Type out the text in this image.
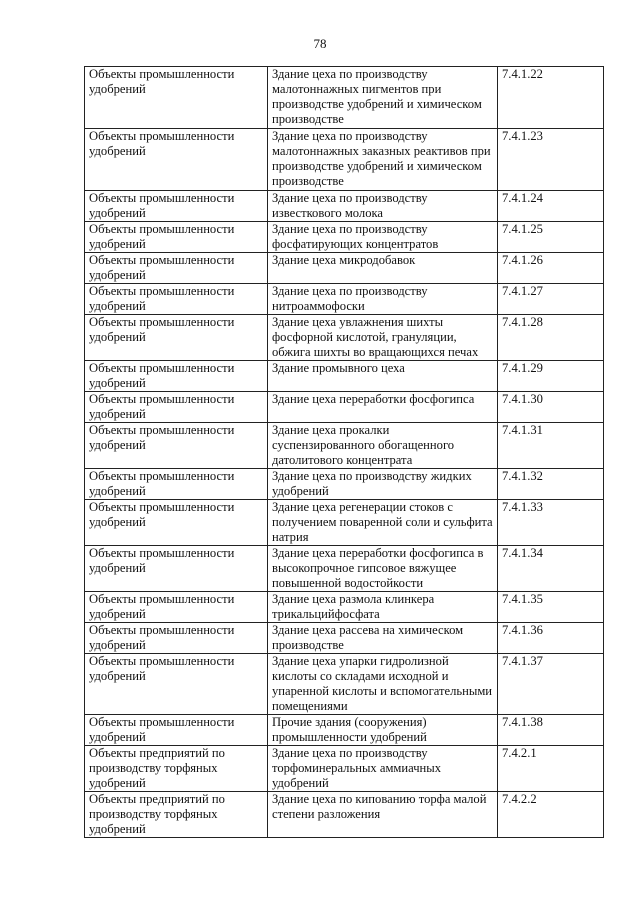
78
Объекты промышленности удобрений	Здание цеха по производству малотоннажных пигментов при производстве удобрений и химическом производстве	7.4.1.22
Объекты промышленности удобрений	Здание цеха по производству малотоннажных заказных реактивов при производстве удобрений и химическом производстве	7.4.1.23
Объекты промышленности удобрений	Здание цеха по производству известкового молока	7.4.1.24
Объекты промышленности удобрений	Здание цеха по производству фосфатирующих концентратов	7.4.1.25
Объекты промышленности удобрений	Здание цеха микродобавок	7.4.1.26
Объекты промышленности удобрений	Здание цеха по производству нитроаммофоски	7.4.1.27
Объекты промышленности удобрений	Здание цеха увлажнения шихты фосфорной кислотой, грануляции, обжига шихты во вращающихся печах	7.4.1.28
Объекты промышленности удобрений	Здание промывного цеха	7.4.1.29
Объекты промышленности удобрений	Здание цеха переработки фосфогипса	7.4.1.30
Объекты промышленности удобрений	Здание цеха прокалки суспензированного обогащенного датолитового концентрата	7.4.1.31
Объекты промышленности удобрений	Здание цеха по производству жидких удобрений	7.4.1.32
Объекты промышленности удобрений	Здание цеха регенерации стоков с получением поваренной соли и сульфита натрия	7.4.1.33
Объекты промышленности удобрений	Здание цеха переработки фосфогипса в высокопрочное гипсовое вяжущее повышенной водостойкости	7.4.1.34
Объекты промышленности удобрений	Здание цеха размола клинкера трикальцийфосфата	7.4.1.35
Объекты промышленности удобрений	Здание цеха рассева на химическом производстве	7.4.1.36
Объекты промышленности удобрений	Здание цеха упарки гидролизной кислоты со складами исходной и упаренной кислоты и вспомогательными помещениями	7.4.1.37
Объекты промышленности удобрений	Прочие здания (сооружения) промышленности удобрений	7.4.1.38
Объекты предприятий по производству торфяных удобрений	Здание цеха по производству торфоминеральных аммиачных удобрений	7.4.2.1
Объекты предприятий по производству торфяных удобрений	Здание цеха по кипованию торфа малой степени разложения	7.4.2.2
